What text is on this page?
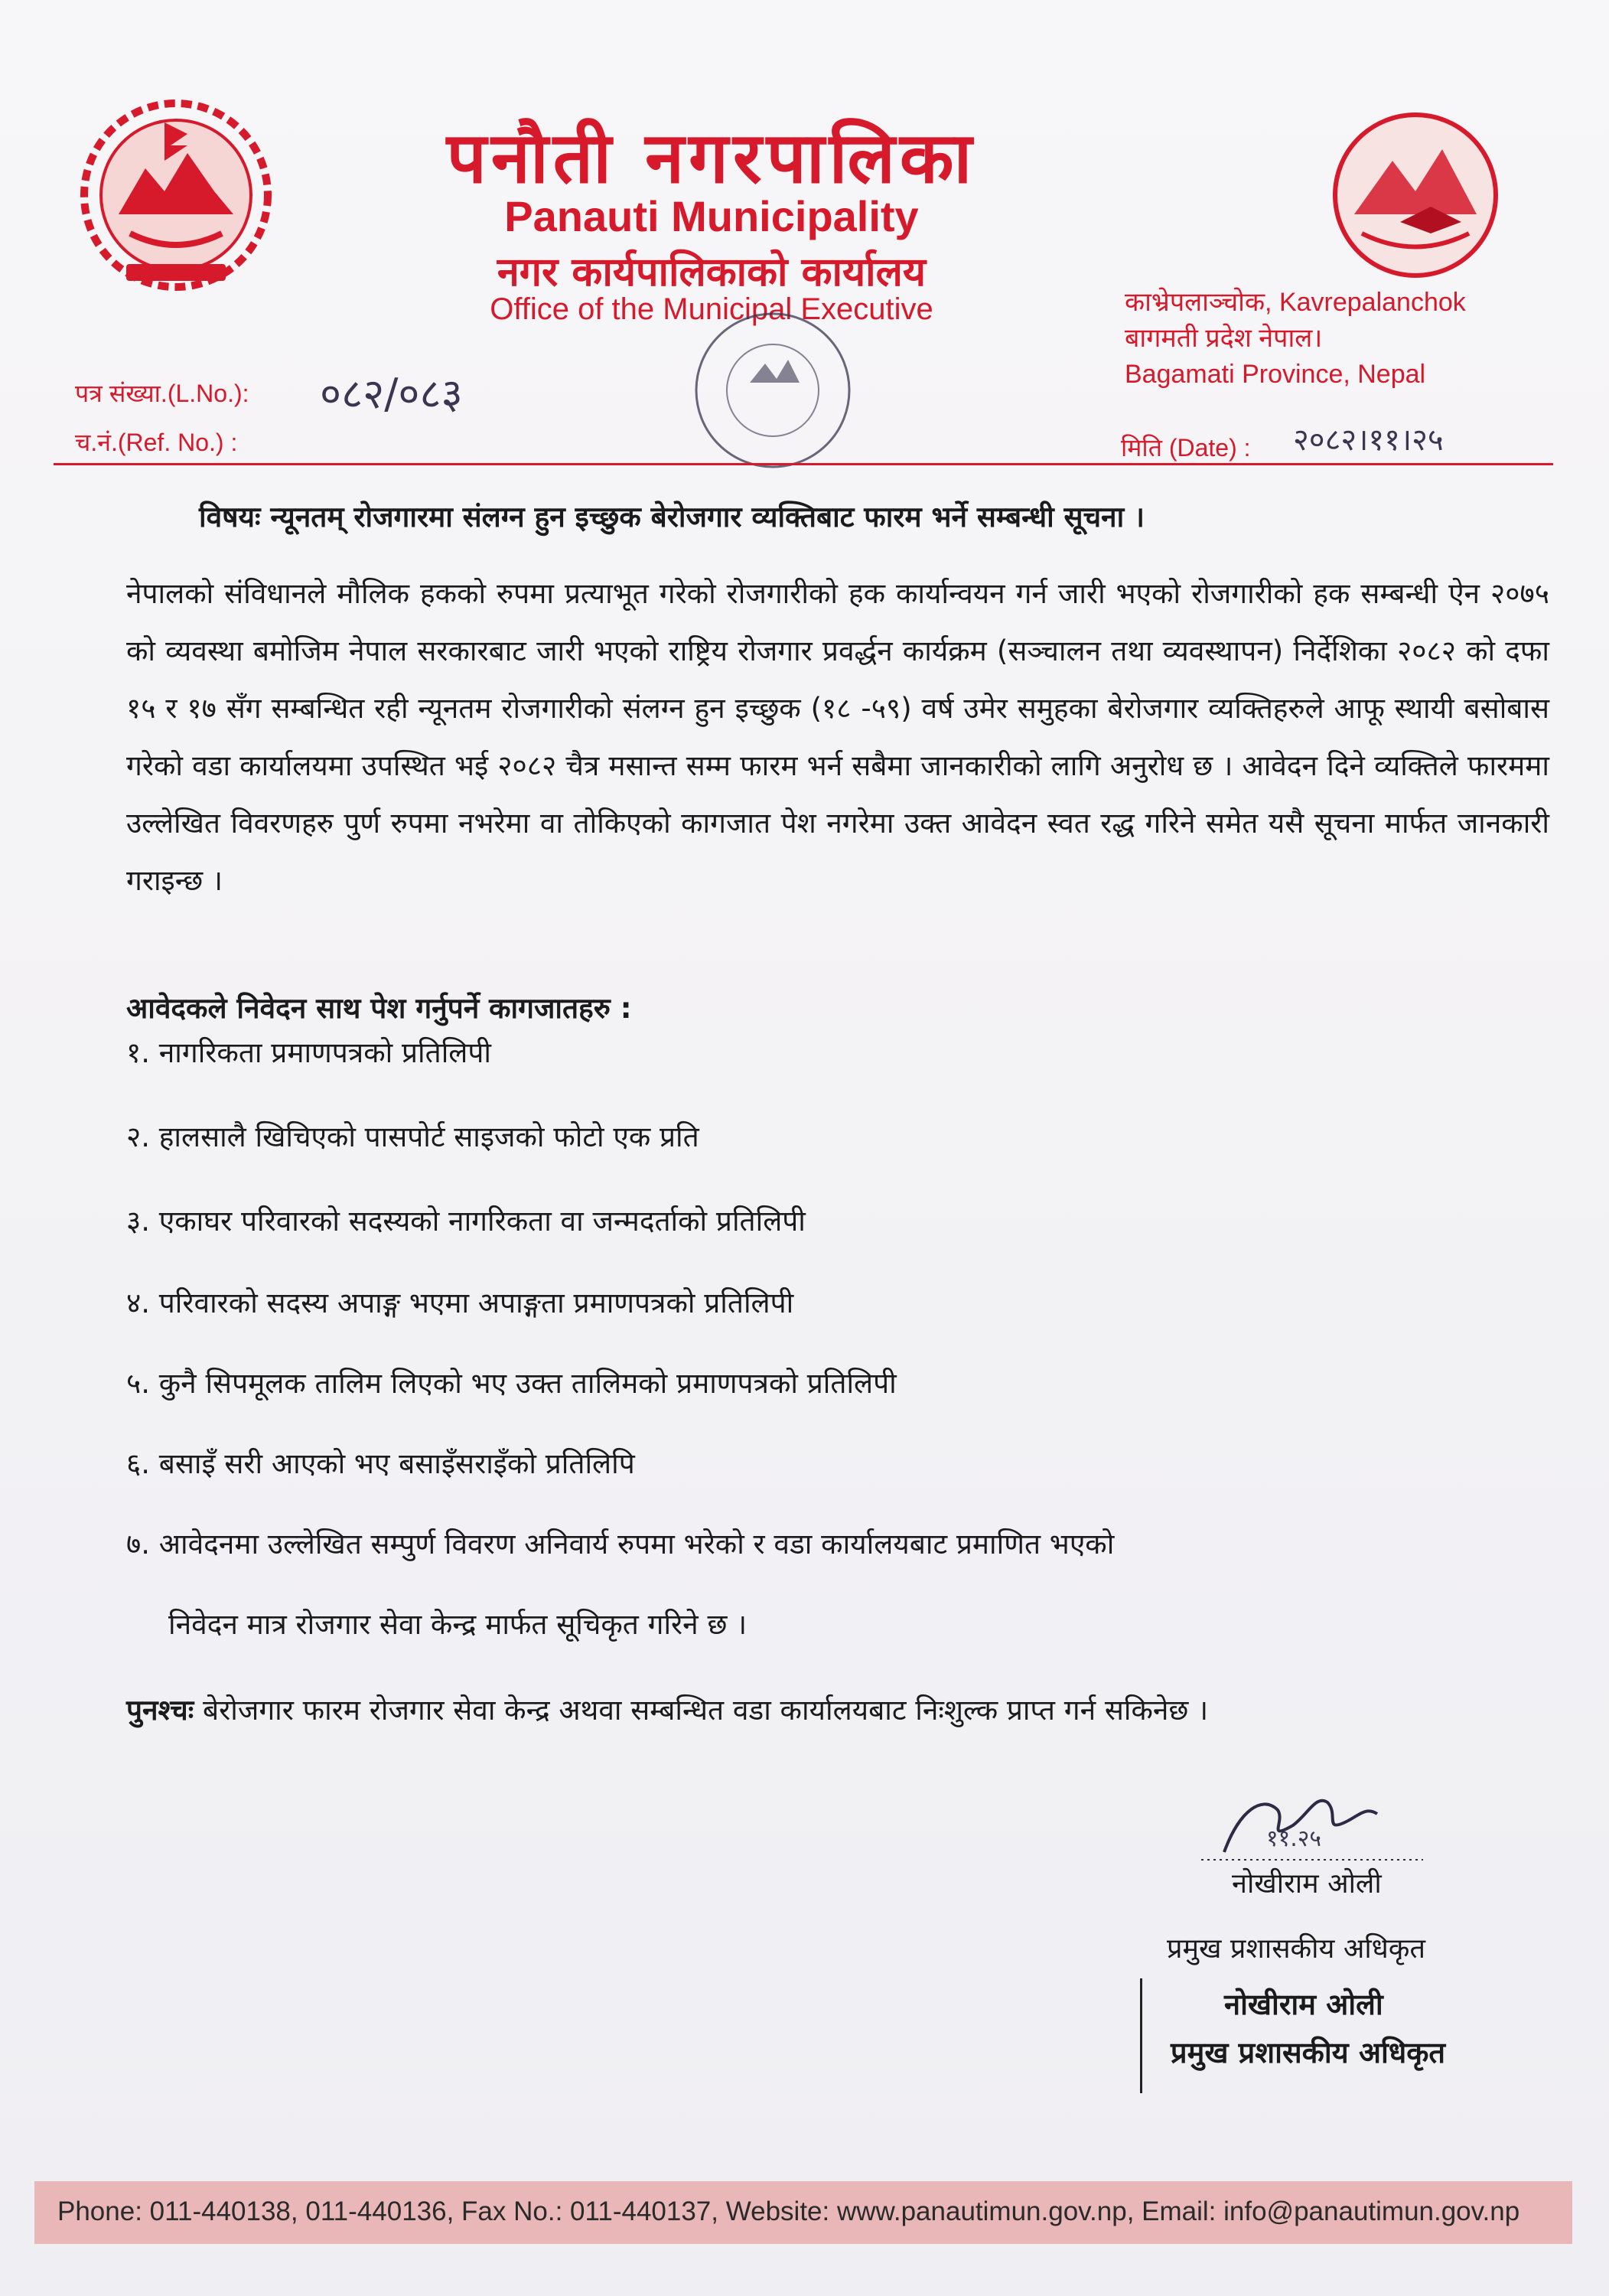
पनौती नगरपालिका
Panauti Municipality
नगर कार्यपालिकाको कार्यालय
Office of the Municipal Executive	काभ्रेपलाञ्चोक, Kavrepalanchok
बागमती प्रदेश नेपाल।
Bagamati Province, Nepal
पत्र संख्या.(L.No.): ०८२/०८३
च.नं.(Ref. No.) :	मिति (Date) : २०८२।११।२५
विषयः न्यूनतम् रोजगारमा संलग्न हुन इच्छुक बेरोजगार व्यक्तिबाट फारम भर्ने सम्बन्धी सूचना ।
नेपालको संविधानले मौलिक हकको रुपमा प्रत्याभूत गरेको रोजगारीको हक कार्यान्वयन गर्न जारी भएको रोजगारीको हक सम्बन्धी ऐन २०७५ को व्यवस्था बमोजिम नेपाल सरकारबाट जारी भएको राष्ट्रिय रोजगार प्रवर्द्धन कार्यक्रम (सञ्चालन तथा व्यवस्थापन) निर्देशिका २०८२ को दफा १५ र १७ सँग सम्बन्धित रही न्यूनतम रोजगारीको संलग्न हुन इच्छुक (१८ -५९) वर्ष उमेर समुहका बेरोजगार व्यक्तिहरुले आफू स्थायी बसोबास गरेको वडा कार्यालयमा उपस्थित भई २०८२ चैत्र मसान्त सम्म फारम भर्न सबैमा जानकारीको लागि अनुरोध छ । आवेदन दिने व्यक्तिले फारममा उल्लेखित विवरणहरु पुर्ण रुपमा नभरेमा वा तोकिएको कागजात पेश नगरेमा उक्त आवेदन स्वत रद्ध गरिने समेत यसै सूचना मार्फत जानकारी गराइन्छ ।
आवेदकले निवेदन साथ पेश गर्नुपर्ने कागजातहरु :
१. नागरिकता प्रमाणपत्रको प्रतिलिपी
२. हालसालै खिचिएको पासपोर्ट साइजको फोटो एक प्रति
३. एकाघर परिवारको सदस्यको नागरिकता वा जन्मदर्ताको प्रतिलिपी
४. परिवारको सदस्य अपाङ्ग भएमा अपाङ्गता प्रमाणपत्रको प्रतिलिपी
५. कुनै सिपमूलक तालिम लिएको भए उक्त तालिमको प्रमाणपत्रको प्रतिलिपी
६. बसाइँ सरी आएको भए बसाइँसराइँको प्रतिलिपि
७. आवेदनमा उल्लेखित सम्पुर्ण विवरण अनिवार्य रुपमा भरेको र वडा कार्यालयबाट प्रमाणित भएको
निवेदन मात्र रोजगार सेवा केन्द्र मार्फत सूचिकृत गरिने छ ।
पुनश्चः बेरोजगार फारम रोजगार सेवा केन्द्र अथवा सम्बन्धित वडा कार्यालयबाट निःशुल्क प्राप्त गर्न सकिनेछ ।
११.२५
नोखीराम ओली
प्रमुख प्रशासकीय अधिकृत
नोखीराम ओली
प्रमुख प्रशासकीय अधिकृत
Phone: 011-440138, 011-440136, Fax No.: 011-440137, Website: www.panautimun.gov.np, Email: info@panautimun.gov.np
